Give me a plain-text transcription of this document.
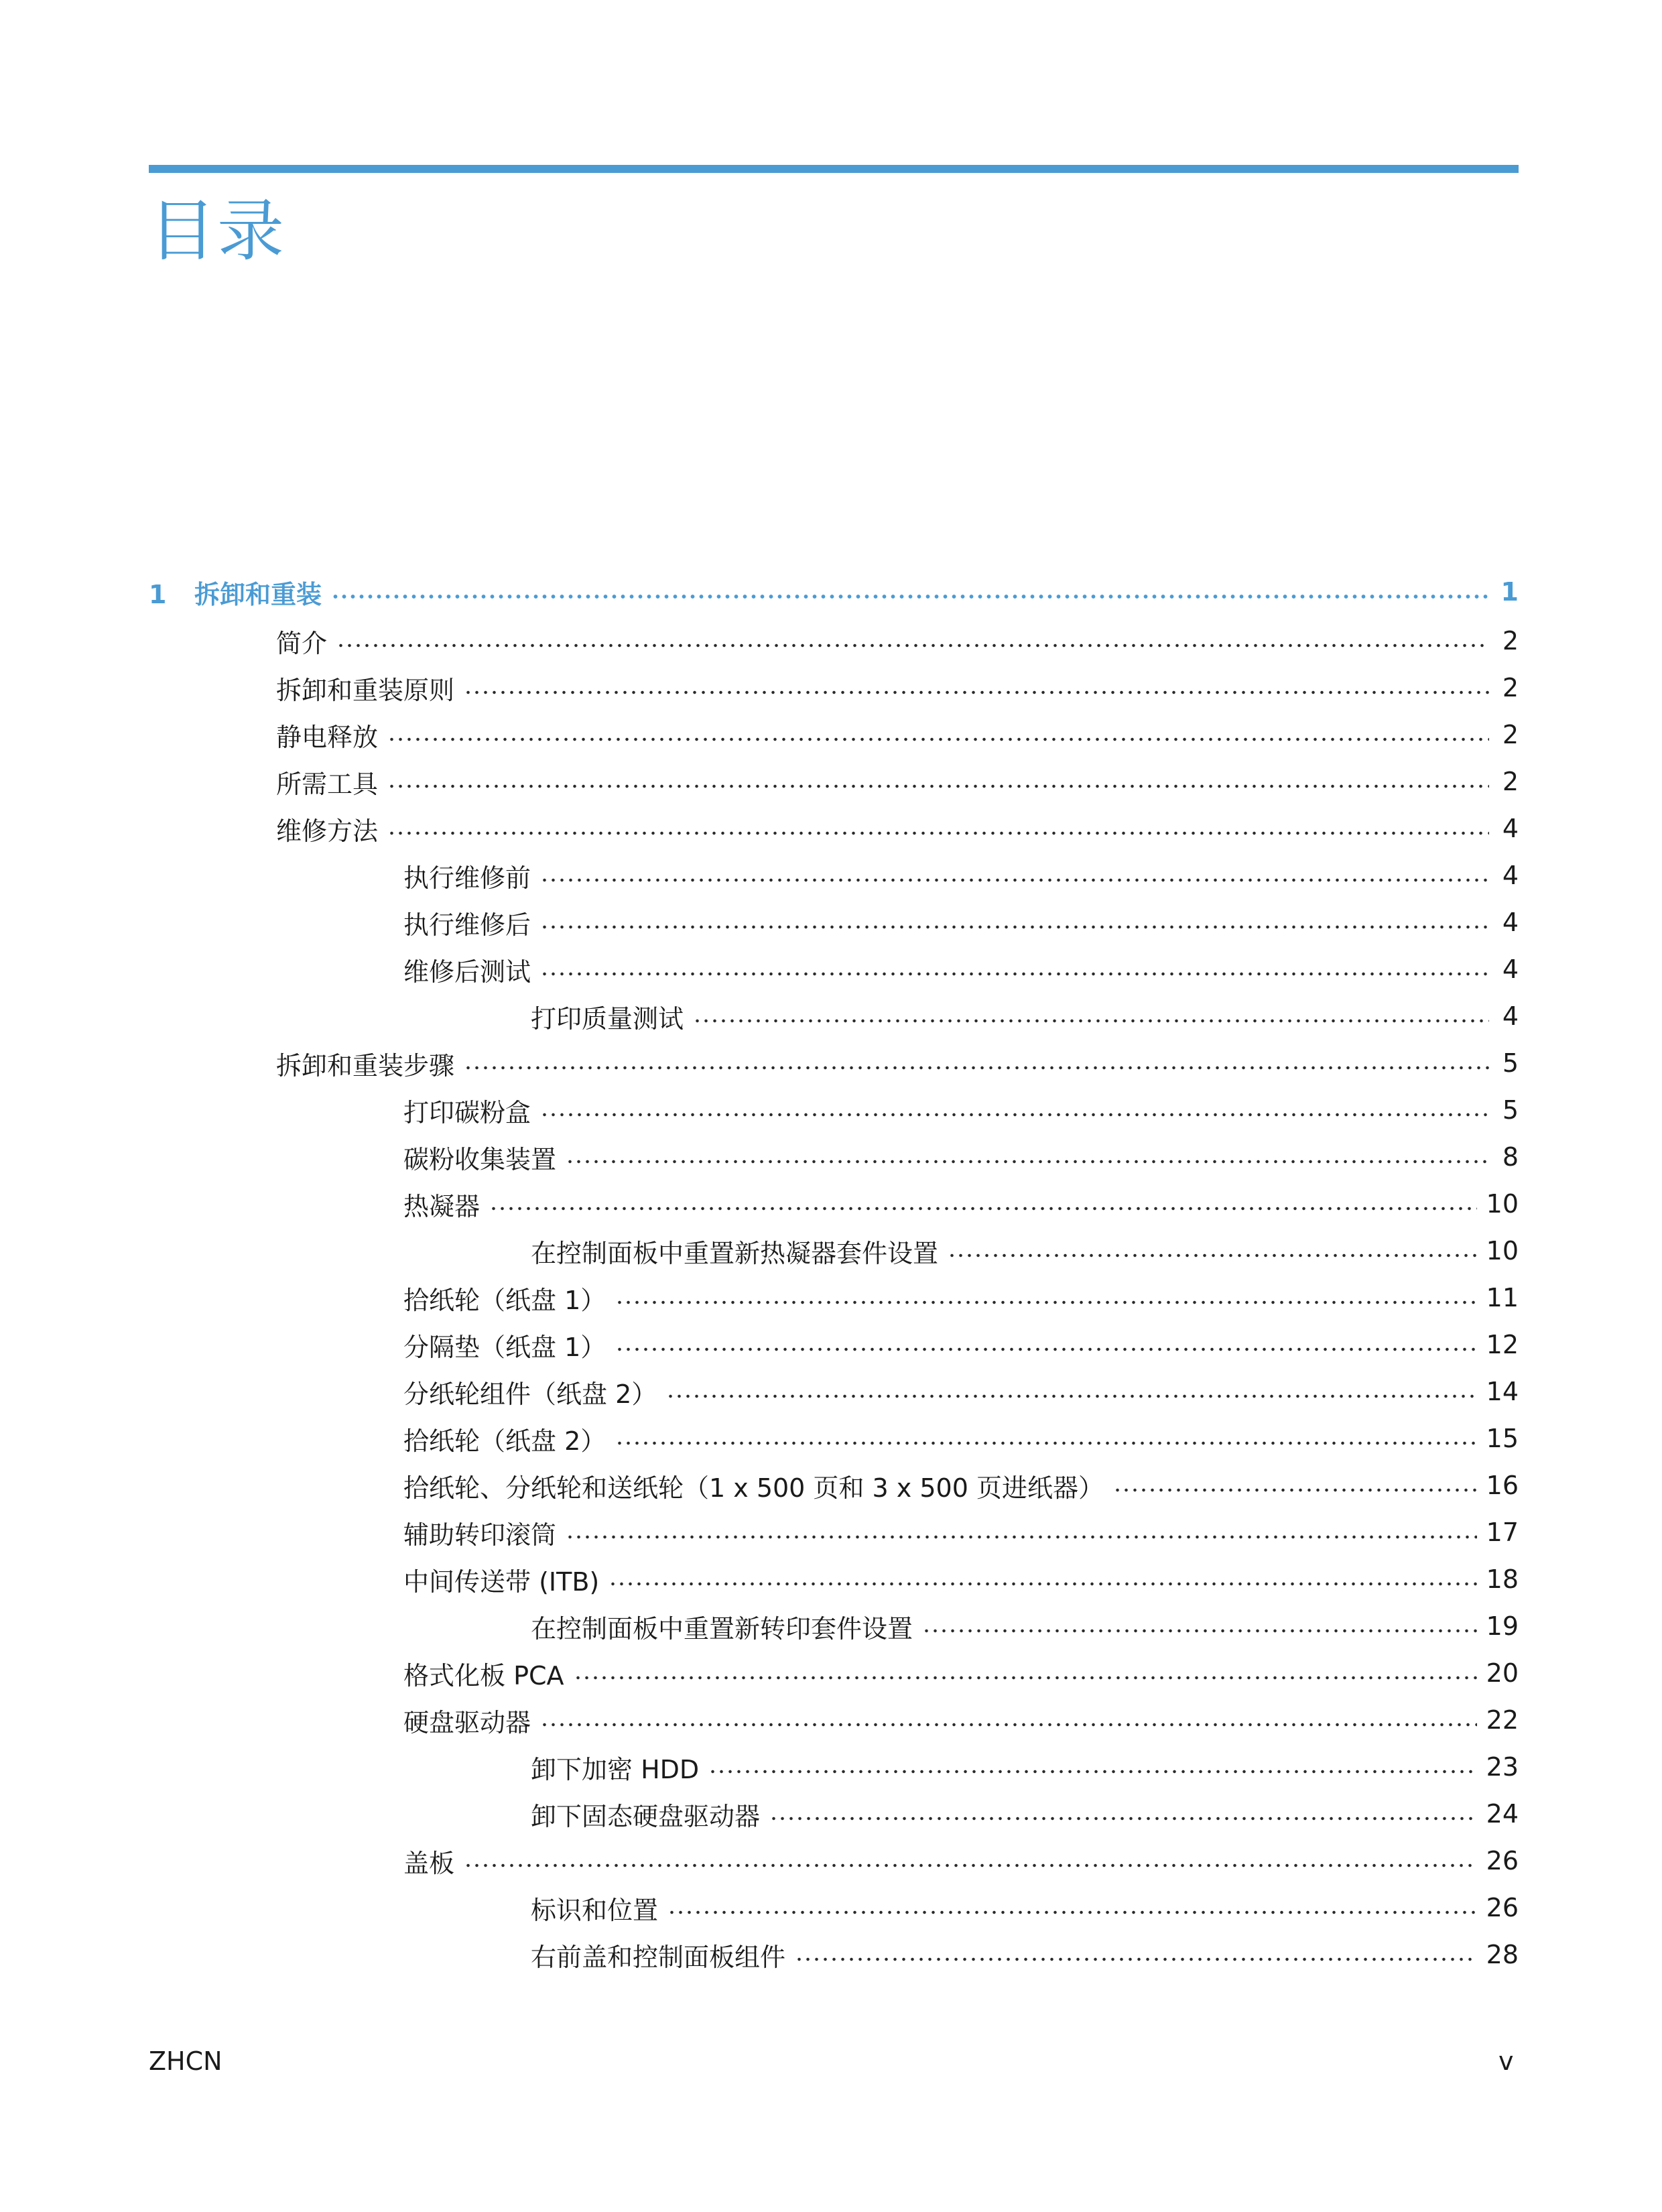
目录
1 拆卸和重装	1
简介	2
拆卸和重装原则	2
静电释放	2
所需工具	2
维修方法	4
执行维修前	4
执行维修后	4
维修后测试	4
打印质量测试	4
拆卸和重装步骤	5
打印碳粉盒	5
碳粉收集装置	8
热凝器	10
在控制面板中重置新热凝器套件设置	10
拾纸轮（纸盘 1）	11
分隔垫（纸盘 1）	12
分纸轮组件（纸盘 2）	14
拾纸轮（纸盘 2）	15
拾纸轮、分纸轮和送纸轮（1 x 500 页和 3 x 500 页进纸器）	16
辅助转印滚筒	17
中间传送带 (ITB)	18
在控制面板中重置新转印套件设置	19
格式化板 PCA	20
硬盘驱动器	22
卸下加密 HDD	23
卸下固态硬盘驱动器	24
盖板	26
标识和位置	26
右前盖和控制面板组件	28
ZHCN	v
